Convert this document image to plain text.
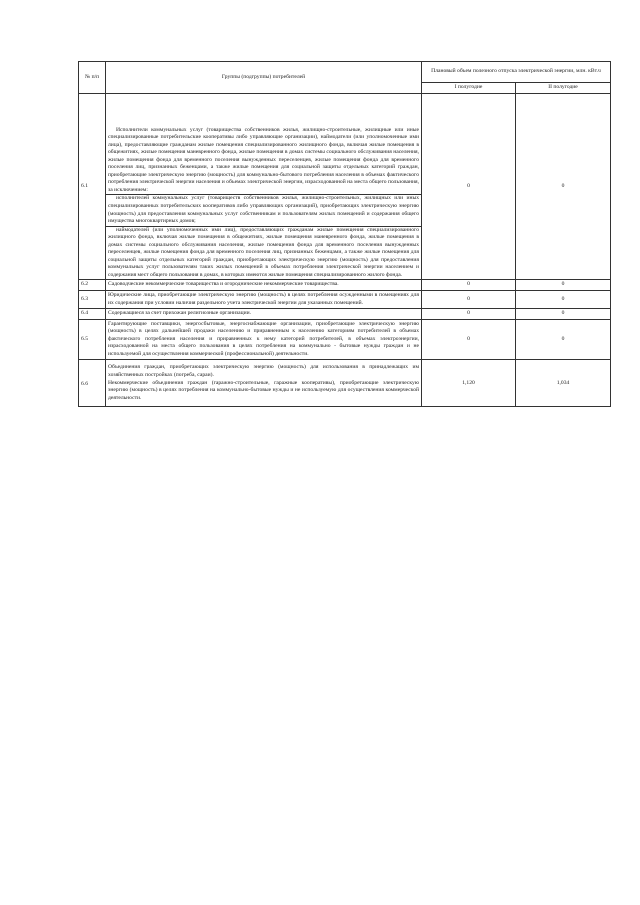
№ п/п	Группы (подгруппы) потребителей	Плановый объем полезного отпуска электрической энергии, млн. кВт.ч	
		I полугодие	II полугодие
6.1	Исполнители коммунальных услуг (товарищества собственников жилья, жилищно-строительные, жилищные или иные специализированные потребительские кооперативы либо управляющие организации), наймодатели (или уполномоченные ими лица), предоставляющие гражданам жилые помещения специализированного жилищного фонда, включая жилые помещения в общежитиях, жилые помещения маневренного фонда, жилые помещения в домах системы социального обслуживания населения, жилые помещения фонда для временного поселения вынужденных переселенцев, жилые помещения фонда для временного поселения лиц, признанных беженцами, а также жилые помещения для социальной защиты отдельных категорий граждан, приобретающие электрическую энергию (мощность) для коммунально-бытового потребления населения в объемах фактического потребления электрической энергии населения и объемах электрической энергии, израсходованной на места общего пользования, за исключением:
исполнителей коммунальных услуг (товариществ собственников жилья, жилищно-строительных, жилищных или иных специализированных потребительских кооперативов либо управляющих организаций), приобретающих электрическую энергию (мощность) для предоставления коммунальных услуг собственникам и пользователям жилых помещений и содержания общего имущества многоквартирных домов;
наймодателей (или уполномоченных ими лиц), предоставляющих гражданам жилые помещения специализированного жилищного фонда, включая жилые помещения в общежитиях, жилые помещения маневренного фонда, жилые помещения в домах системы социального обслуживания населения, жилые помещения фонда для временного поселения вынужденных переселенцев, жилые помещения фонда для временного поселения лиц, признанных беженцами, а также жилые помещения для социальной защиты отдельных категорий граждан, приобретающих электрическую энергию (мощность) для предоставления коммунальных услуг пользователям таких жилых помещений в объемах потребления электрической энергии населением и содержания мест общего пользования в домах, в которых имеются жилые помещения специализированного жилого фонда.	0	0
6.2	Садоводческие некоммерческие товарищества и огороднические некоммерческие товарищества.	0	0
6.3	Юридические лица, приобретающие электрическую энергию (мощность) в целях потребления осужденными в помещениях для их содержания при условии наличия раздельного учета электрической энергии для указанных помещений.	0	0
6.4	Содержащиеся за счет прихожан религиозные организации.	0	0
6.5	Гарантирующие поставщики, энергосбытовые, энергоснабжающие организации, приобретающие электрическую энергию (мощность) в целях дальнейшей продажи населению и приравненным к населению категориям потребителей в объемах фактического потребления населения и приравненных к нему категорий потребителей, в объемах электроэнергии, израсходованной на места общего пользования в целях потребления на коммунально - бытовые нужды граждан и не используемой для осуществления коммерческой (профессиональной) деятельности.	0	0
6.6	Объединения граждан, приобретающих электрическую энергию (мощность) для использования в принадлежащих им хозяйственных постройках (погреба, сараи).
Некоммерческие объединения граждан (гаражно-строительные, гаражные кооперативы), приобретающие электрическую энергию (мощность) в целях потребления на коммунально-бытовые нужды и не используемую для осуществления коммерческой деятельности.	1,120	1,034
